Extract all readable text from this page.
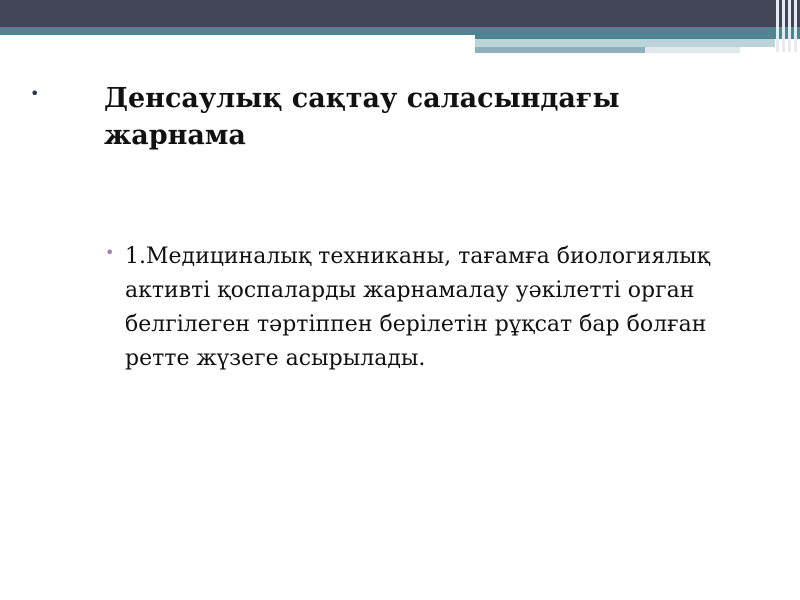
• Денсаулық сақтау саласындағы жарнама
• 1.Медициналық техниканы, тағамға биологиялық активті қоспаларды жарнамалау уәкілетті орган белгілеген тәртіппен берілетін рұқсат бар болған ретте жүзеге асырылады.
